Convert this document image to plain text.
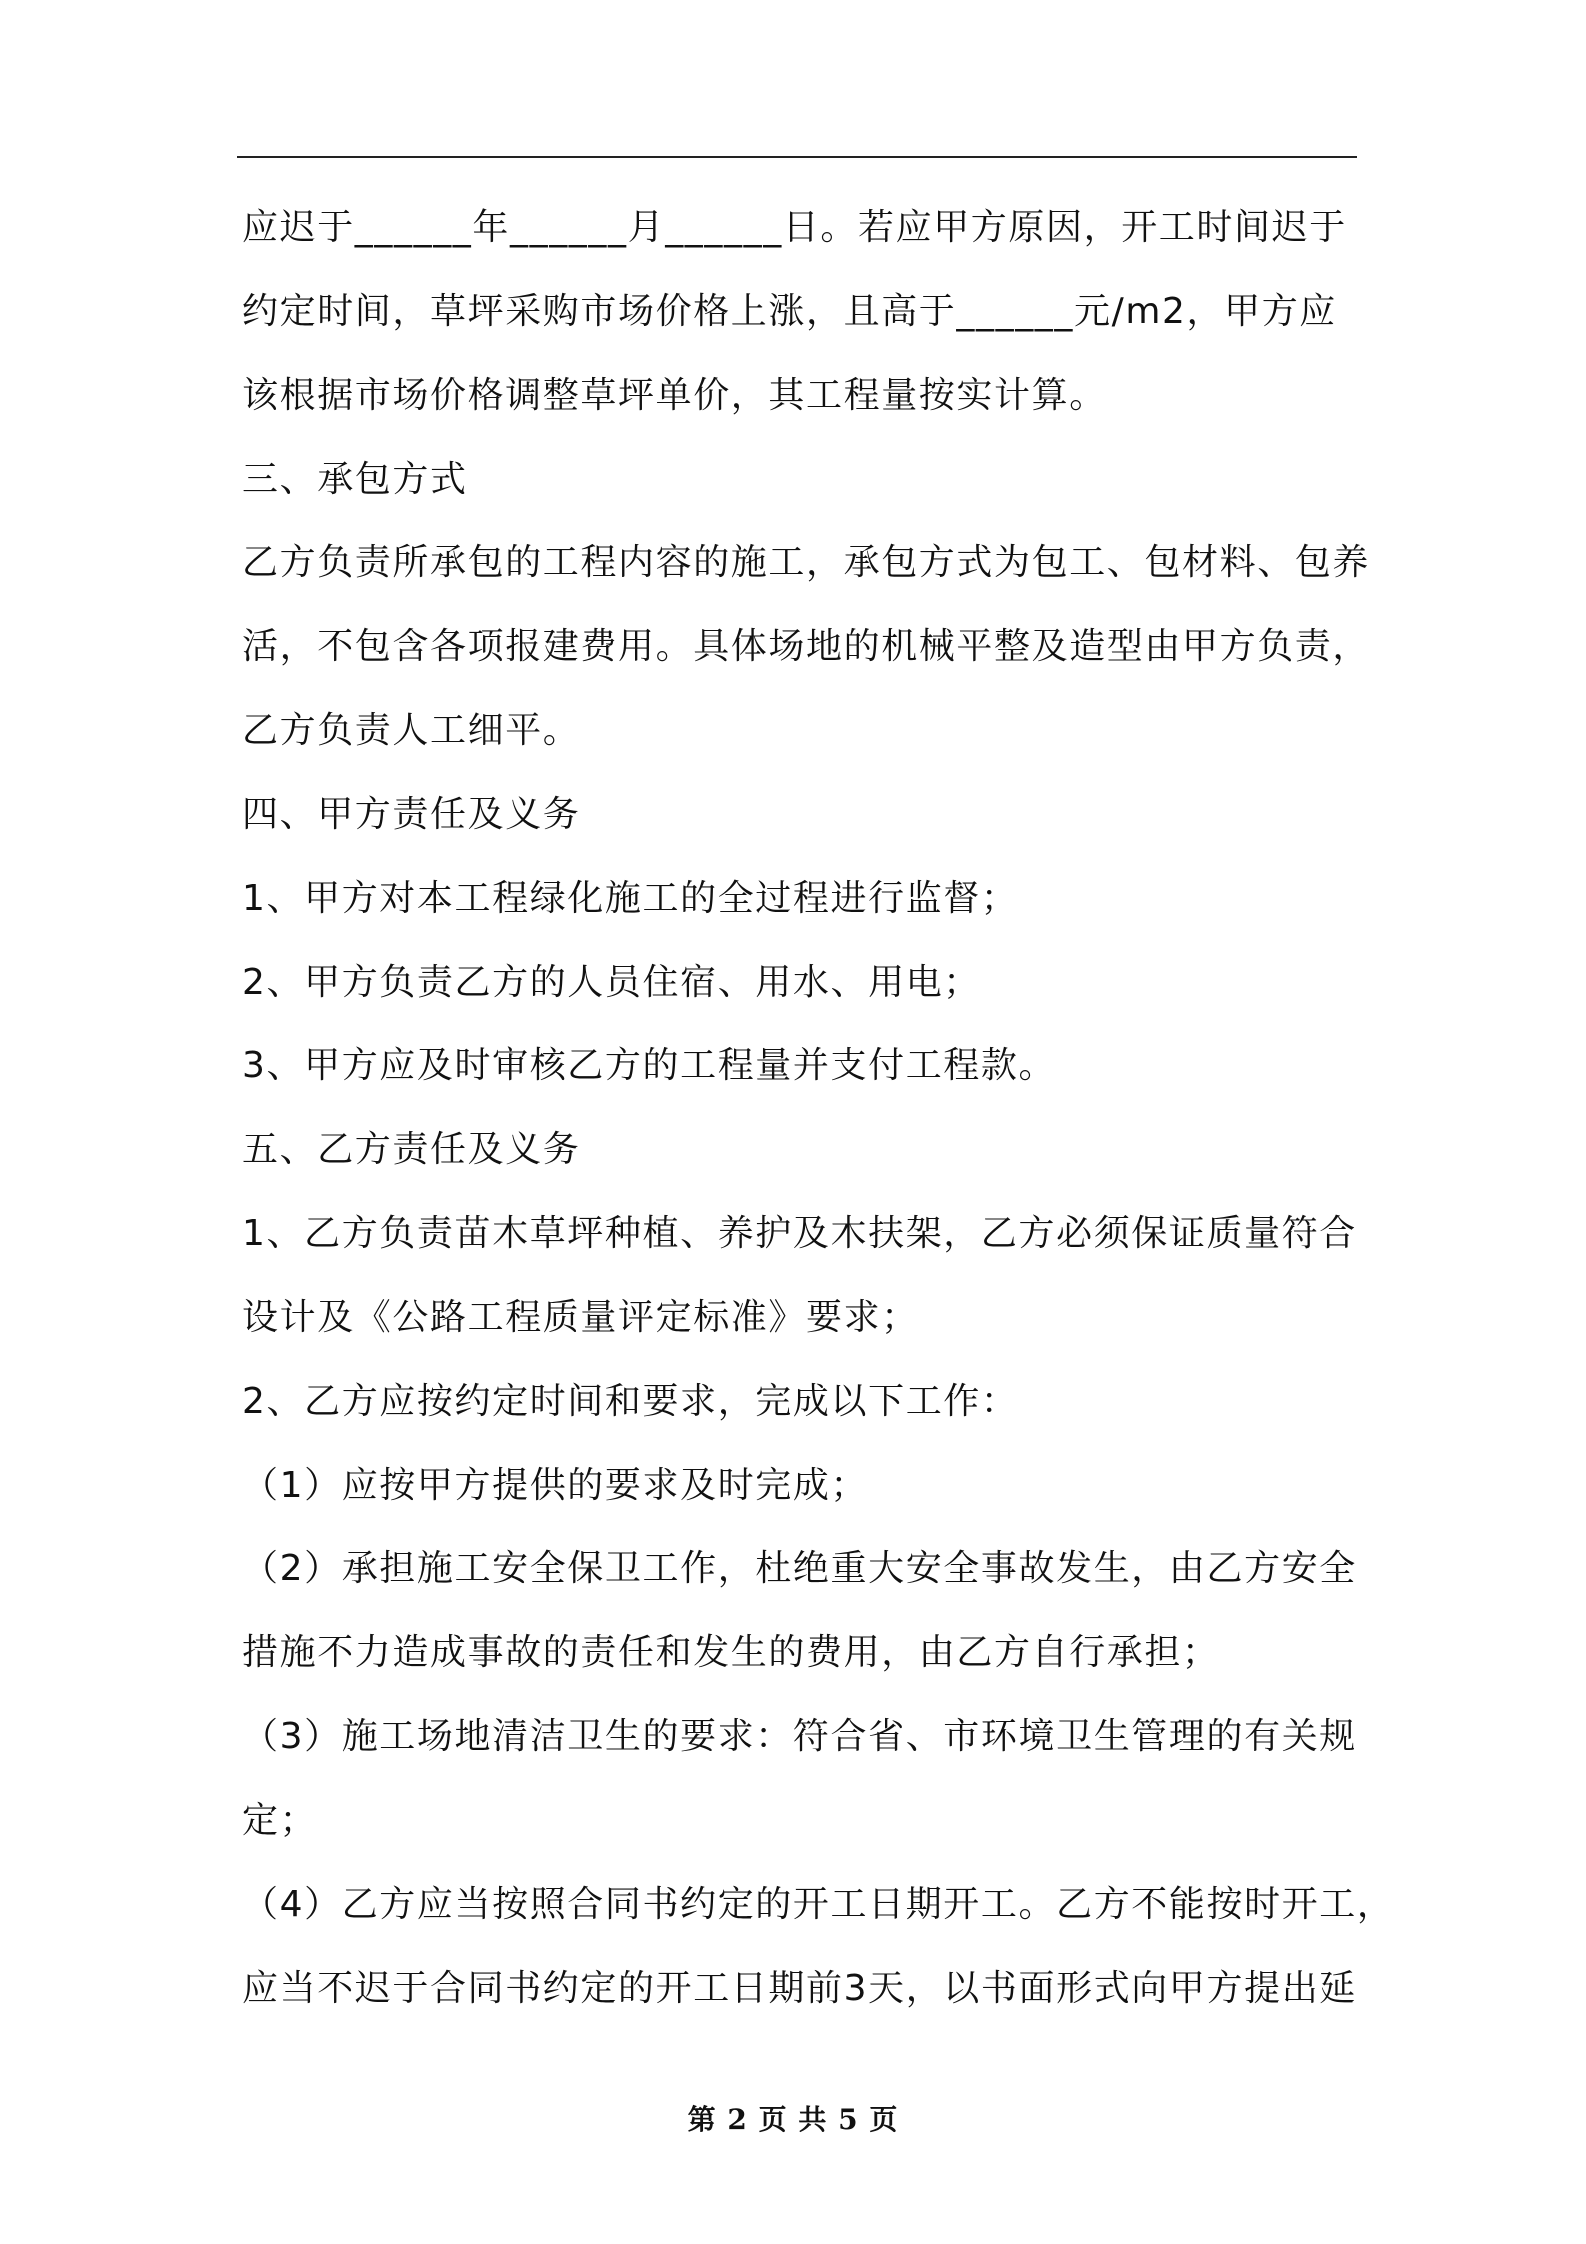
应迟于______年______月______日。若应甲方原因，开工时间迟于
约定时间，草坪采购市场价格上涨，且高于______元/m2，甲方应
该根据市场价格调整草坪单价，其工程量按实计算。
三、承包方式
乙方负责所承包的工程内容的施工，承包方式为包工、包材料、包养
活，不包含各项报建费用。具体场地的机械平整及造型由甲方负责，
乙方负责人工细平。
四、甲方责任及义务
1、甲方对本工程绿化施工的全过程进行监督；
2、甲方负责乙方的人员住宿、用水、用电；
3、甲方应及时审核乙方的工程量并支付工程款。
五、乙方责任及义务
1、乙方负责苗木草坪种植、养护及木扶架，乙方必须保证质量符合
设计及《公路工程质量评定标准》要求；
2、乙方应按约定时间和要求，完成以下工作：
（1）应按甲方提供的要求及时完成；
（2）承担施工安全保卫工作，杜绝重大安全事故发生，由乙方安全
措施不力造成事故的责任和发生的费用，由乙方自行承担；
（3）施工场地清洁卫生的要求：符合省、市环境卫生管理的有关规
定；
（4）乙方应当按照合同书约定的开工日期开工。乙方不能按时开工，
应当不迟于合同书约定的开工日期前3天，以书面形式向甲方提出延
第 2 页 共 5 页
